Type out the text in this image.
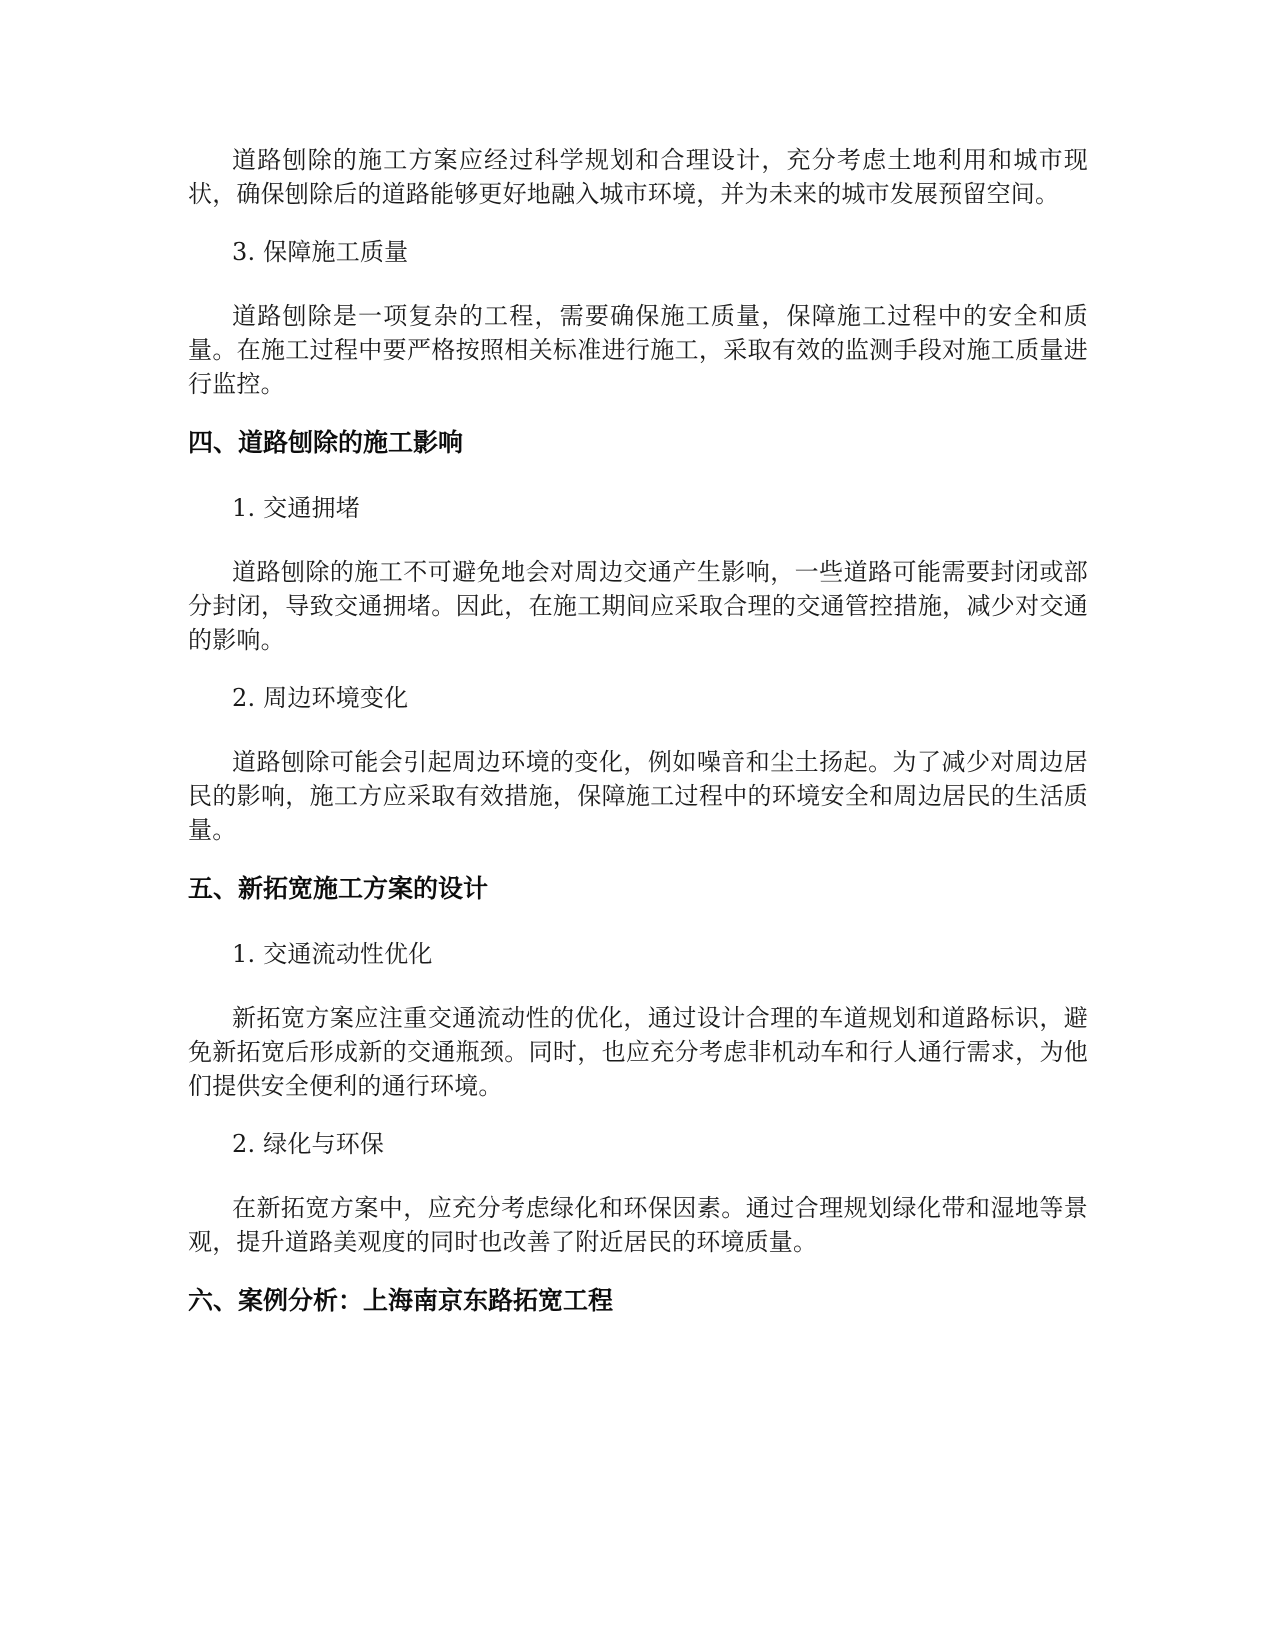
道路刨除的施工方案应经过科学规划和合理设计，充分考虑土地利用和城市现状，确保刨除后的道路能够更好地融入城市环境，并为未来的城市发展预留空间。

3. 保障施工质量

道路刨除是一项复杂的工程，需要确保施工质量，保障施工过程中的安全和质量。在施工过程中要严格按照相关标准进行施工，采取有效的监测手段对施工质量进行监控。

四、道路刨除的施工影响

1. 交通拥堵

道路刨除的施工不可避免地会对周边交通产生影响，一些道路可能需要封闭或部分封闭，导致交通拥堵。因此，在施工期间应采取合理的交通管控措施，减少对交通的影响。

2. 周边环境变化

道路刨除可能会引起周边环境的变化，例如噪音和尘土扬起。为了减少对周边居民的影响，施工方应采取有效措施，保障施工过程中的环境安全和周边居民的生活质量。

五、新拓宽施工方案的设计

1. 交通流动性优化

新拓宽方案应注重交通流动性的优化，通过设计合理的车道规划和道路标识，避免新拓宽后形成新的交通瓶颈。同时，也应充分考虑非机动车和行人通行需求，为他们提供安全便利的通行环境。

2. 绿化与环保

在新拓宽方案中，应充分考虑绿化和环保因素。通过合理规划绿化带和湿地等景观，提升道路美观度的同时也改善了附近居民的环境质量。

六、案例分析：上海南京东路拓宽工程
